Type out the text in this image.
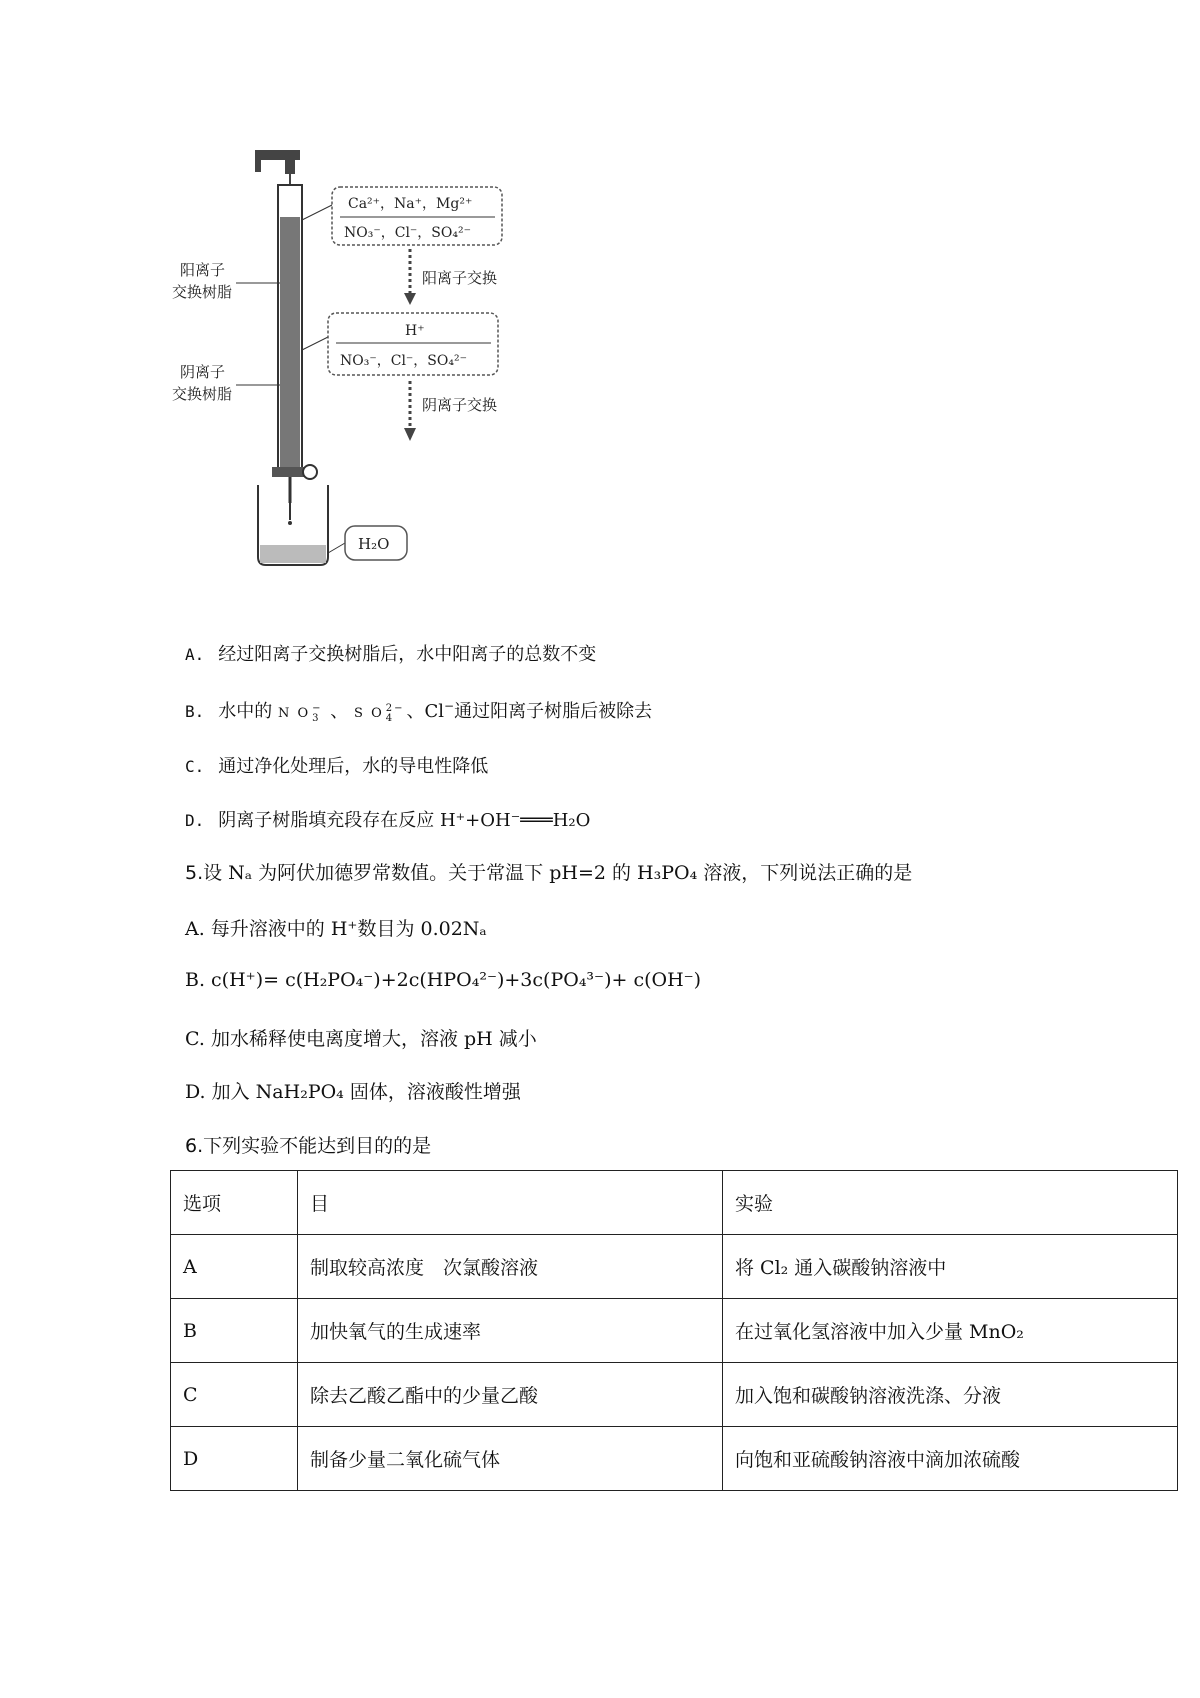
阳离子
交换树脂
阴离子
交换树脂
Ca²⁺，Na⁺，Mg²⁺
NO₃⁻，Cl⁻，SO₄²⁻
阳离子交换
H⁺
NO₃⁻，Cl⁻，SO₄²⁻
阴离子交换
H₂O
A. 经过阳离子交换树脂后，水中阳离子的总数不变
B. 水中的 N O −
3 、 S O 2−
4 、Cl−通过阳离子树脂后被除去
C. 通过净化处理后，水的导电性降低
D. 阴离子树脂填充段存在反应 H⁺+OH⁻═══H₂O
5.设 Nₐ 为阿伏加德罗常数值。关于常温下 pH=2 的 H₃PO₄ 溶液，下列说法正确的是
A. 每升溶液中的 H⁺数目为 0.02Nₐ
B. c(H⁺)= c(H₂PO₄⁻)+2c(HPO₄²⁻)+3c(PO₄³⁻)+ c(OH⁻)
C. 加水稀释使电离度增大，溶液 pH 减小
D. 加入 NaH₂PO₄ 固体，溶液酸性增强
6.下列实验不能达到目的的是
选项	目	实验
A	制取较高浓度　次氯酸溶液	将 Cl₂ 通入碳酸钠溶液中
B	加快氧气的生成速率	在过氧化氢溶液中加入少量 MnO₂
C	除去乙酸乙酯中的少量乙酸	加入饱和碳酸钠溶液洗涤、分液
D	制备少量二氧化硫气体	向饱和亚硫酸钠溶液中滴加浓硫酸
